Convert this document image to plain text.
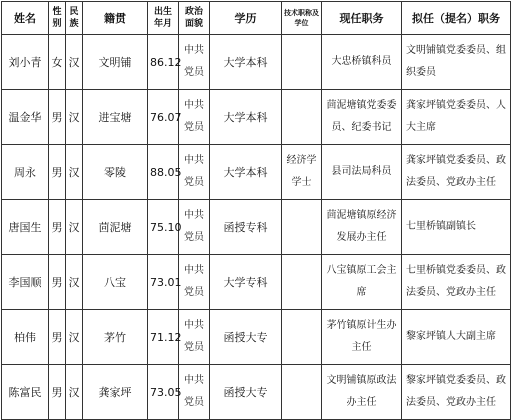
姓名	性别	民族	籍贯	出生年月	政治面貌	学历	技术职称及学位	现任职务	拟任（提名）职务
刘小青	女	汉	文明铺	86.12	中共党员	大学本科		大忠桥镇科员	文明铺镇党委委员、组织委员
温金华	男	汉	进宝塘	76.07	中共党员	大学本科		茴泥塘镇党委委员、纪委书记	龚家坪镇党委委员、人大主席
周永	男	汉	零陵	88.05	中共党员	大学本科	经济学学士	县司法局科员	龚家坪镇党委委员、政法委员、党政办主任
唐国生	男	汉	茴泥塘	75.10	中共党员	函授专科		茴泥塘镇原经济发展办主任	七里桥镇副镇长
李国顺	男	汉	八宝	73.01	中共党员	大学专科		八宝镇原工会主席	七里桥镇党委委员、政法委员、党政办主任
柏伟	男	汉	茅竹	71.12	中共党员	函授大专		茅竹镇原计生办主任	黎家坪镇人大副主席
陈富民	男	汉	龚家坪	73.05	中共党员	函授大专		文明铺镇原政法办主任	黎家坪镇党委委员、政法委员、党政办主任
